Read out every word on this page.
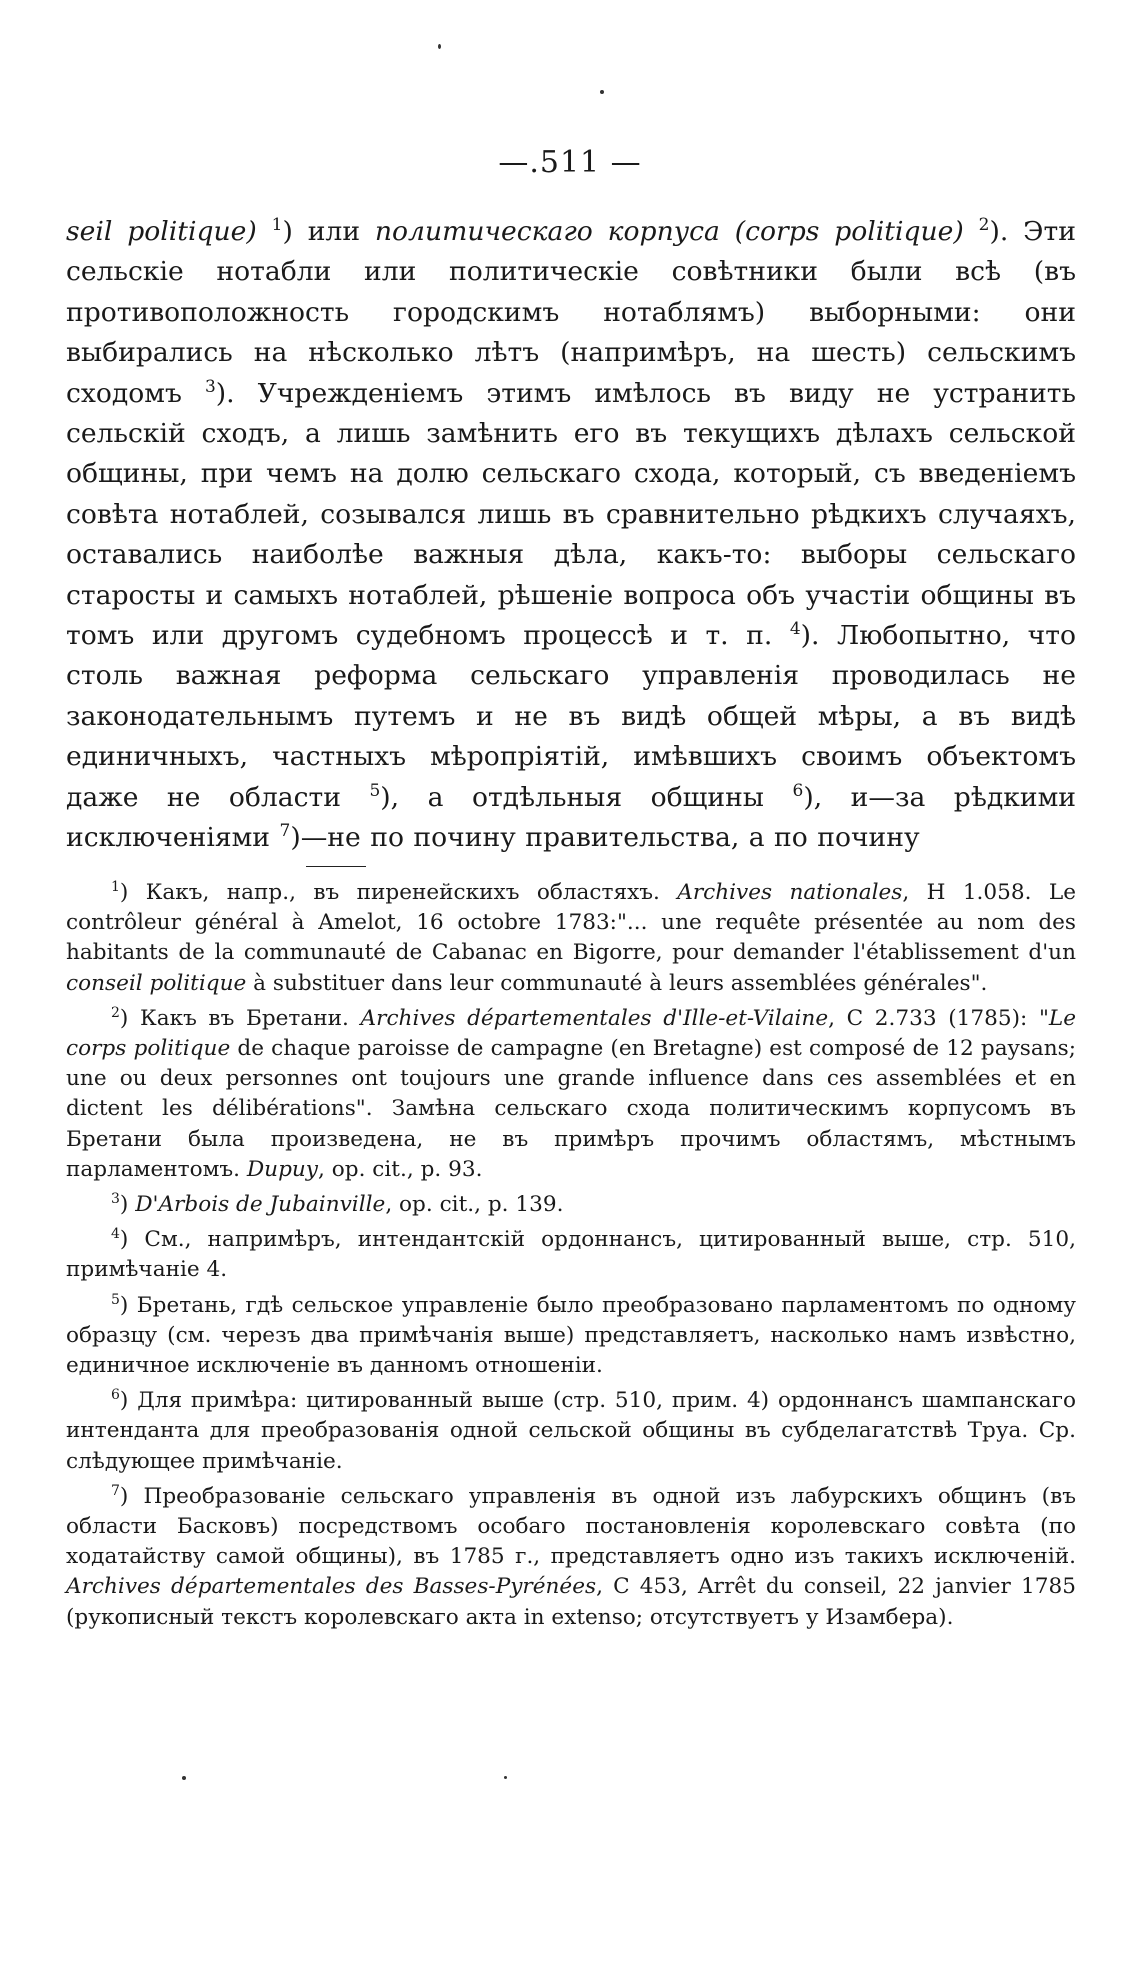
—.511 —
seil politique) $^1$) или политическаго корпуса (corps politique) $^2$). Эти сельскіе нотабли или политическіе совѣтники были всѣ (въ противоположность городскимъ нотаблямъ) выборными: они выбирались на нѣсколько лѣтъ (напримѣръ, на шесть) сельскимъ сходомъ $^3$). Учрежденіемъ этимъ имѣлось въ виду не устранить сельскій сходъ, а лишь замѣнить его въ текущихъ дѣлахъ сельской общины, при чемъ на долю сельскаго схода, который, съ введеніемъ совѣта нотаблей, созывался лишь въ сравнительно рѣдкихъ случаяхъ, оставались наиболѣе важныя дѣла, какъ-то: выборы сельскаго старосты и самыхъ нотаблей, рѣшеніе вопроса объ участіи общины въ томъ или другомъ судебномъ процессѣ и т. п. $^4$). Любопытно, что столь важная реформа сельскаго управленія проводилась не законодательнымъ путемъ и не въ видѣ общей мѣры, а въ видѣ единичныхъ, частныхъ мѣропріятій, имѣвшихъ своимъ объектомъ даже не области $^5$), а отдѣльныя общины $^6$), и—за рѣдкими исключеніями $^7$)—не по почину правительства, а по почину

$^1$) Какъ, напр., въ пиренейскихъ областяхъ. Archives nationales, H 1.058. Le contrôleur général à Amelot, 16 octobre 1783:"... une requête présentée au nom des habitants de la communauté de Cabanac en Bigorre, pour demander l'établissement d'un conseil politique à substituer dans leur communauté à leurs assemblées générales".

$^2$) Какъ въ Бретани. Archives départementales d'Ille-et-Vilaine, C 2.733 (1785): "Le corps politique de chaque paroisse de campagne (en Bretagne) est composé de 12 paysans; une ou deux personnes ont toujours une grande influence dans ces assemblées et en dictent les délibérations". Замѣна сельскаго схода политическимъ корпусомъ въ Бретани была произведена, не въ примѣръ прочимъ областямъ, мѣстнымъ парламентомъ. Dupuy, op. cit., p. 93.

$^3$) D'Arbois de Jubainville, op. cit., p. 139.

$^4$) См., напримѣръ, интендантскій ордоннансъ, цитированный выше, стр. 510, примѣчаніе 4.

$^5$) Бретань, гдѣ сельское управленіе было преобразовано парламентомъ по одному образцу (см. черезъ два примѣчанія выше) представляетъ, насколько намъ извѣстно, единичное исключеніе въ данномъ отношеніи.

$^6$) Для примѣра: цитированный выше (стр. 510, прим. 4) ордоннансъ шампанскаго интенданта для преобразованія одной сельской общины въ субделагатствѣ Труа. Ср. слѣдующее примѣчаніе.

$^7$) Преобразованіе сельскаго управленія въ одной изъ лабурскихъ общинъ (въ области Басковъ) посредствомъ особаго постановленія королевскаго совѣта (по ходатайству самой общины), въ 1785 г., представляетъ одно изъ такихъ исключеній. Archives départementales des Basses-Pyrénées, C 453, Arrêt du conseil, 22 janvier 1785 (рукописный текстъ королевскаго акта in extenso; отсутствуетъ у Изамбера).
